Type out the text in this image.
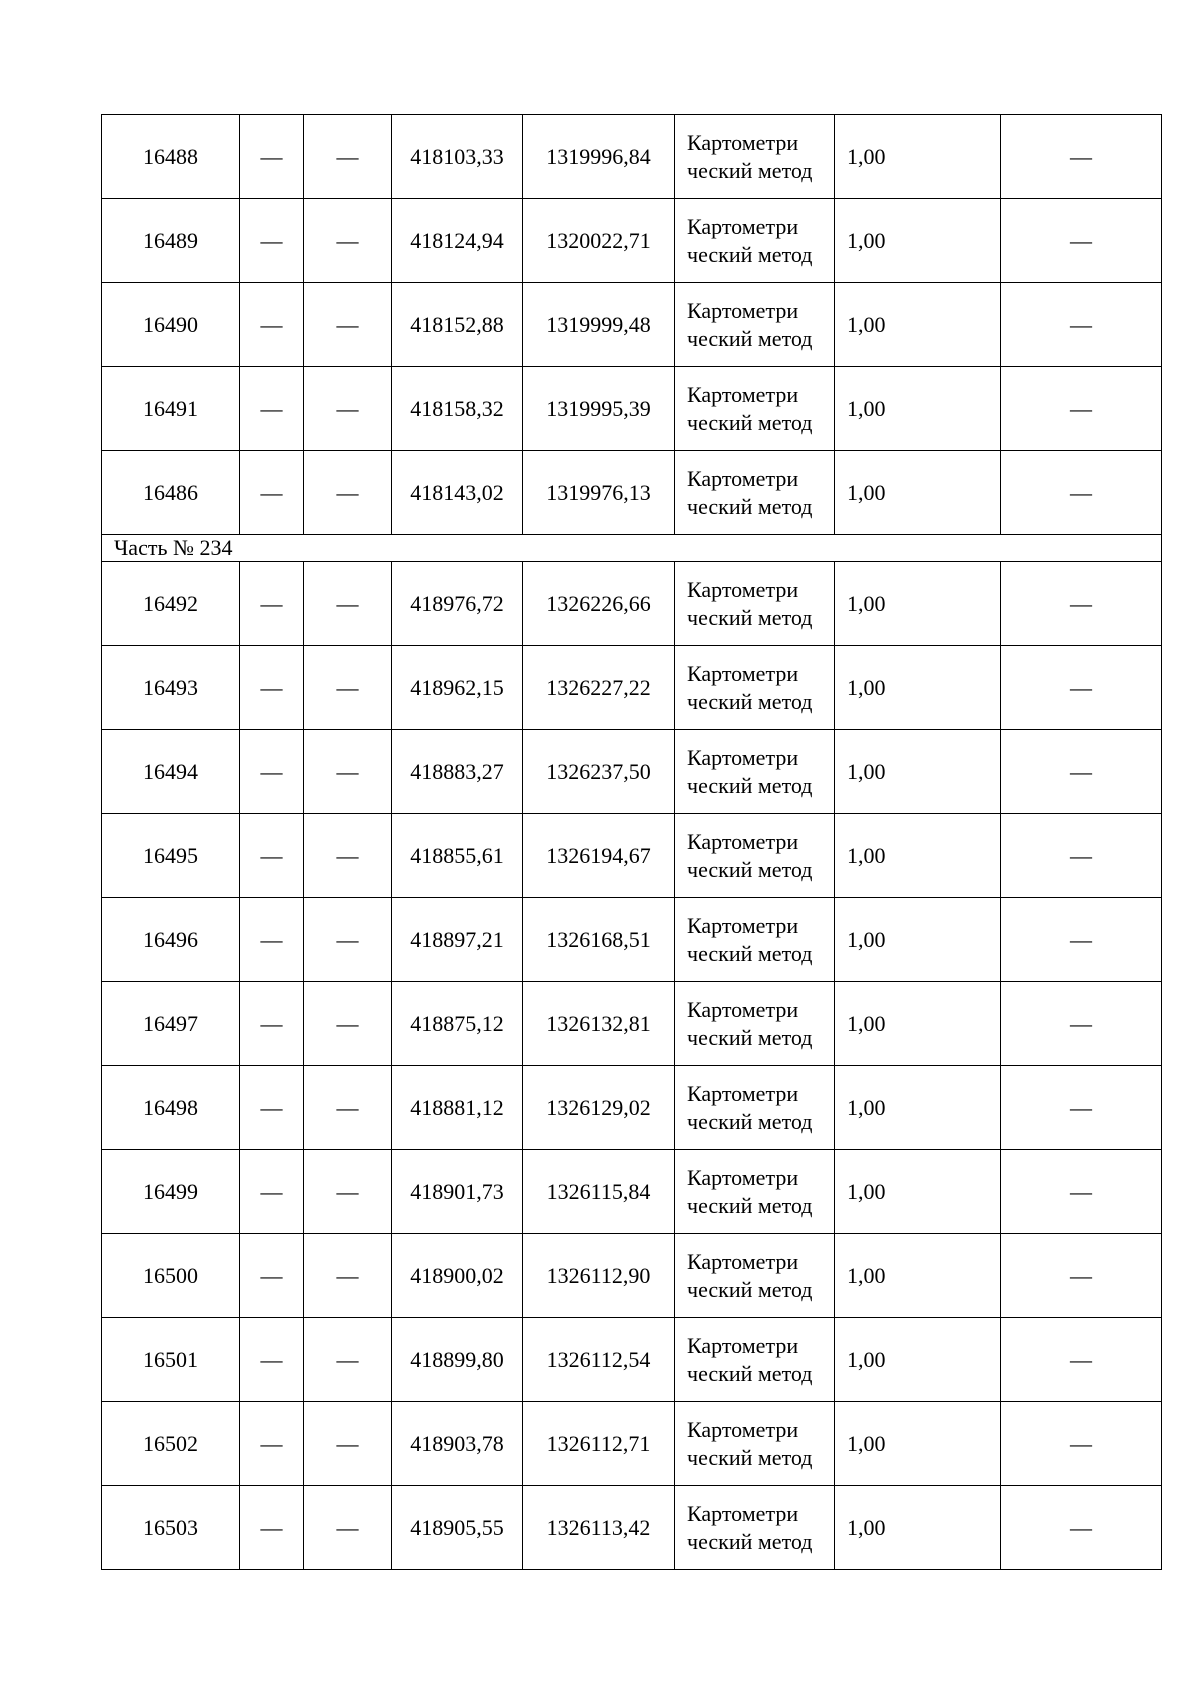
16488	—	—	418103,33	1319996,84	Картометри ческий метод	1,00	—
16489	—	—	418124,94	1320022,71	Картометри ческий метод	1,00	—
16490	—	—	418152,88	1319999,48	Картометри ческий метод	1,00	—
16491	—	—	418158,32	1319995,39	Картометри ческий метод	1,00	—
16486	—	—	418143,02	1319976,13	Картометри ческий метод	1,00	—
Часть № 234							
16492	—	—	418976,72	1326226,66	Картометри ческий метод	1,00	—
16493	—	—	418962,15	1326227,22	Картометри ческий метод	1,00	—
16494	—	—	418883,27	1326237,50	Картометри ческий метод	1,00	—
16495	—	—	418855,61	1326194,67	Картометри ческий метод	1,00	—
16496	—	—	418897,21	1326168,51	Картометри ческий метод	1,00	—
16497	—	—	418875,12	1326132,81	Картометри ческий метод	1,00	—
16498	—	—	418881,12	1326129,02	Картометри ческий метод	1,00	—
16499	—	—	418901,73	1326115,84	Картометри ческий метод	1,00	—
16500	—	—	418900,02	1326112,90	Картометри ческий метод	1,00	—
16501	—	—	418899,80	1326112,54	Картометри ческий метод	1,00	—
16502	—	—	418903,78	1326112,71	Картометри ческий метод	1,00	—
16503	—	—	418905,55	1326113,42	Картометри ческий метод	1,00	—
